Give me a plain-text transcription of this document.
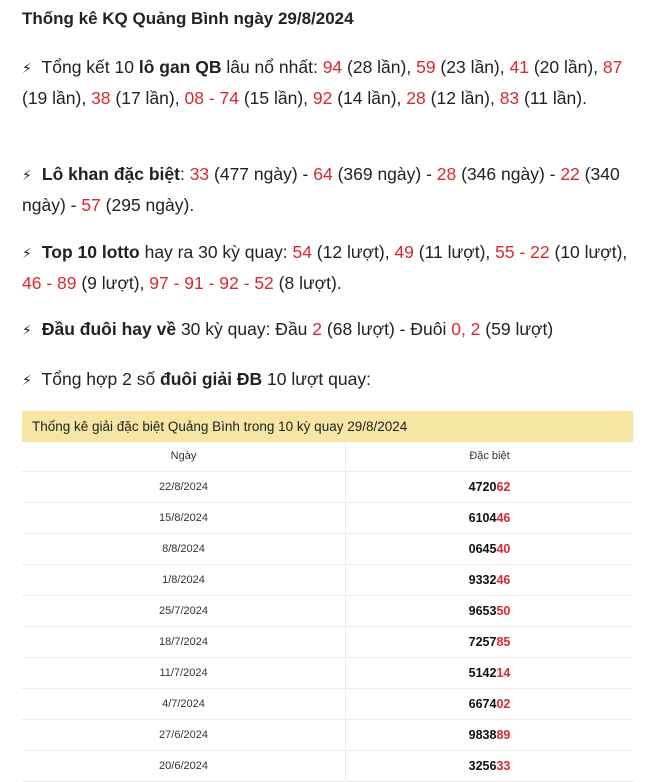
Thống kê KQ Quảng Bình ngày 29/8/2024
⚡ Tổng kết 10 lô gan QB lâu nổ nhất: 94 (28 lần), 59 (23 lần), 41 (20 lần), 87 (19 lần), 38 (17 lần), 08 - 74 (15 lần), 92 (14 lần), 28 (12 lần), 83 (11 lần).
⚡ Lô khan đặc biệt: 33 (477 ngày) - 64 (369 ngày) - 28 (346 ngày) - 22 (340 ngày) - 57 (295 ngày).
⚡ Top 10 lotto hay ra 30 kỳ quay: 54 (12 lượt), 49 (11 lượt), 55 - 22 (10 lượt), 46 - 89 (9 lượt), 97 - 91 - 92 - 52 (8 lượt).
⚡ Đầu đuôi hay về 30 kỳ quay: Đầu 2 (68 lượt) - Đuôi 0, 2 (59 lượt)
⚡ Tổng hợp 2 số đuôi giải ĐB 10 lượt quay:
Thống kê giải đặc biệt Quảng Bình trong 10 kỳ quay 29/8/2024
Ngày	Đặc biệt
22/8/2024	472062
15/8/2024	610446
8/8/2024	064540
1/8/2024	933246
25/7/2024	965350
18/7/2024	725785
11/7/2024	514214
4/7/2024	667402
27/6/2024	983889
20/6/2024	325633
